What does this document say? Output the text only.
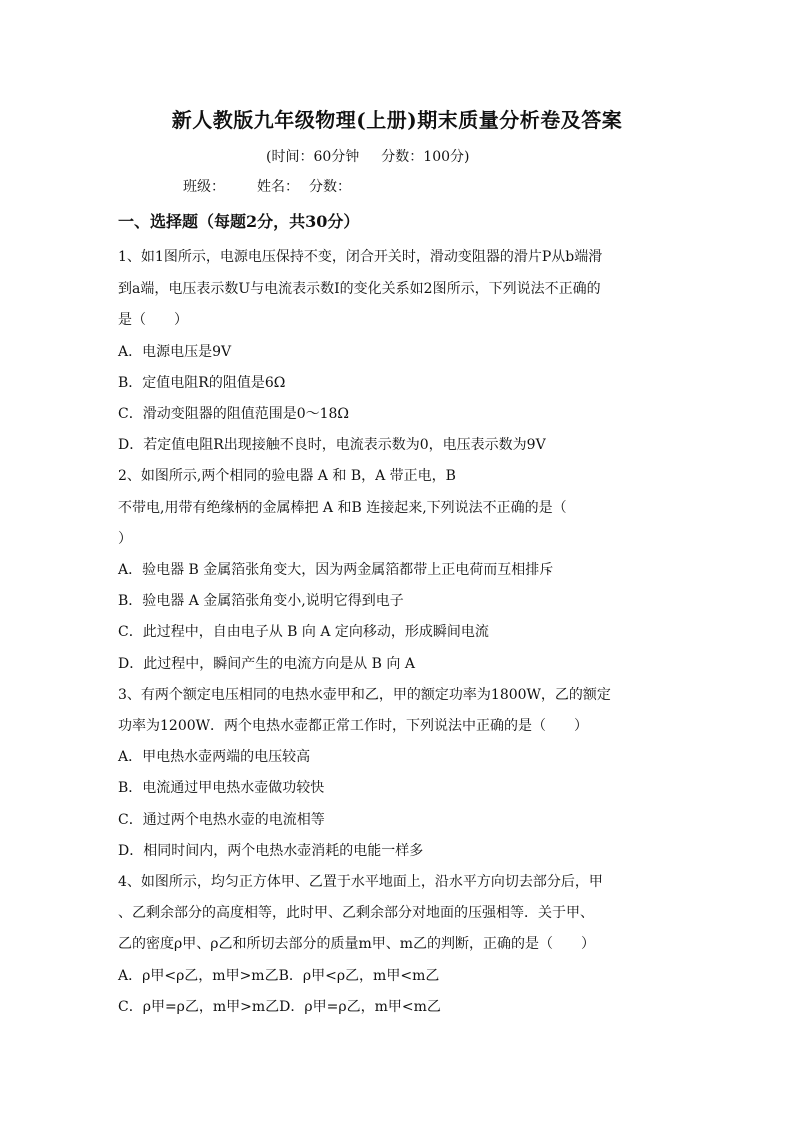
新人教版九年级物理(上册)期末质量分析卷及答案
(时间：60分钟 分数：100分)
班级： 姓名： 分数：
一、选择题（每题2分，共30分）
1、如1图所示，电源电压保持不变，闭合开关时，滑动变阻器的滑片P从b端滑
到a端，电压表示数U与电流表示数I的变化关系如2图所示，下列说法不正确的
是（　　）
A．电源电压是9V
B．定值电阻R的阻值是6Ω
C．滑动变阻器的阻值范围是0～18Ω
D．若定值电阻R出现接触不良时，电流表示数为0，电压表示数为9V
2、如图所示,两个相同的验电器 A 和 B，A 带正电，B
不带电,用带有绝缘柄的金属棒把 A 和B 连接起来,下列说法不正确的是（
）
A．验电器 B 金属箔张角变大，因为两金属箔都带上正电荷而互相排斥
B．验电器 A 金属箔张角变小,说明它得到电子
C．此过程中，自由电子从 B 向 A 定向移动，形成瞬间电流
D．此过程中，瞬间产生的电流方向是从 B 向 A
3、有两个额定电压相同的电热水壶甲和乙，甲的额定功率为1800W，乙的额定
功率为1200W．两个电热水壶都正常工作时，下列说法中正确的是（　　）
A．甲电热水壶两端的电压较高
B．电流通过甲电热水壶做功较快
C．通过两个电热水壶的电流相等
D．相同时间内，两个电热水壶消耗的电能一样多
4、如图所示，均匀正方体甲、乙置于水平地面上，沿水平方向切去部分后，甲
、乙剩余部分的高度相等，此时甲、乙剩余部分对地面的压强相等．关于甲、
乙的密度ρ甲、ρ乙和所切去部分的质量m甲、m乙的判断，正确的是（　　）
A．ρ甲<ρ乙，m甲>m乙B．ρ甲<ρ乙，m甲<m乙
C．ρ甲=ρ乙，m甲>m乙D．ρ甲=ρ乙，m甲<m乙
